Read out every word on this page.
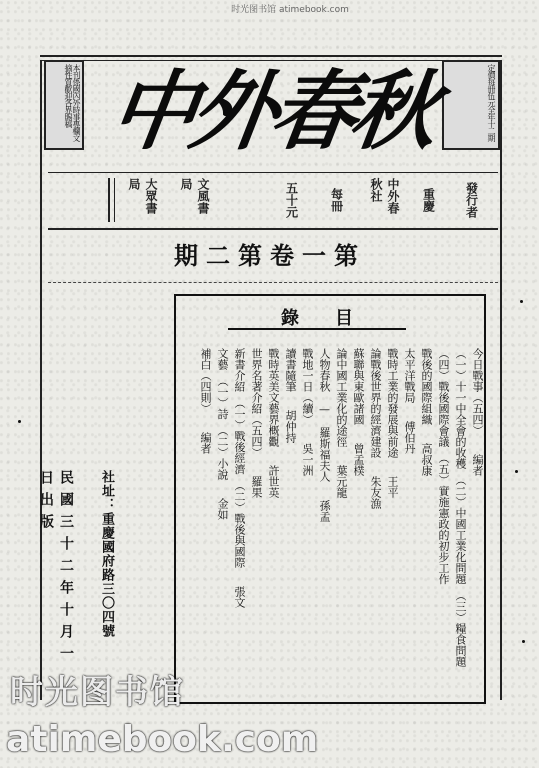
时光图书馆 atimebook.com
本刊係國內外時事專欄文摘性質歡迎各界賜稿	定價每冊伍元全年十二期
中外春秋
發行者
重慶
中外春秋社
每冊
五十元
文風書局
大眾書局
第一卷第二期
目錄
今日戰事（五四）編者
（一）十一中全會的收穫　（二）中國工業化問題　（三）糧食問題
（四）戰後國際會議　（五）實施憲政的初步工作
戰後的國際組織高叔康
太平洋戰局傅伯丹
戰時工業的發展與前途王平
論戰後世界的經濟建設朱友漁
蘇聯與東歐諸國曾孟樸
論中國工業化的途徑葉元龍
人物春秋　—　羅斯福夫人孫孟
戰地一日（續）吳一洲
讀書隨筆胡仲持
戰時英美文藝界概觀許世英
世界名著介紹（五四）羅果
新書介紹　（一）戰後經濟　（二）戰後與國際張文
文藝　（一）詩　（二）小說金如
補白（四則）編者
社址：重慶國府路三〇四號
民國三十二年十月一日出版
时光图书馆
atimebook.com
